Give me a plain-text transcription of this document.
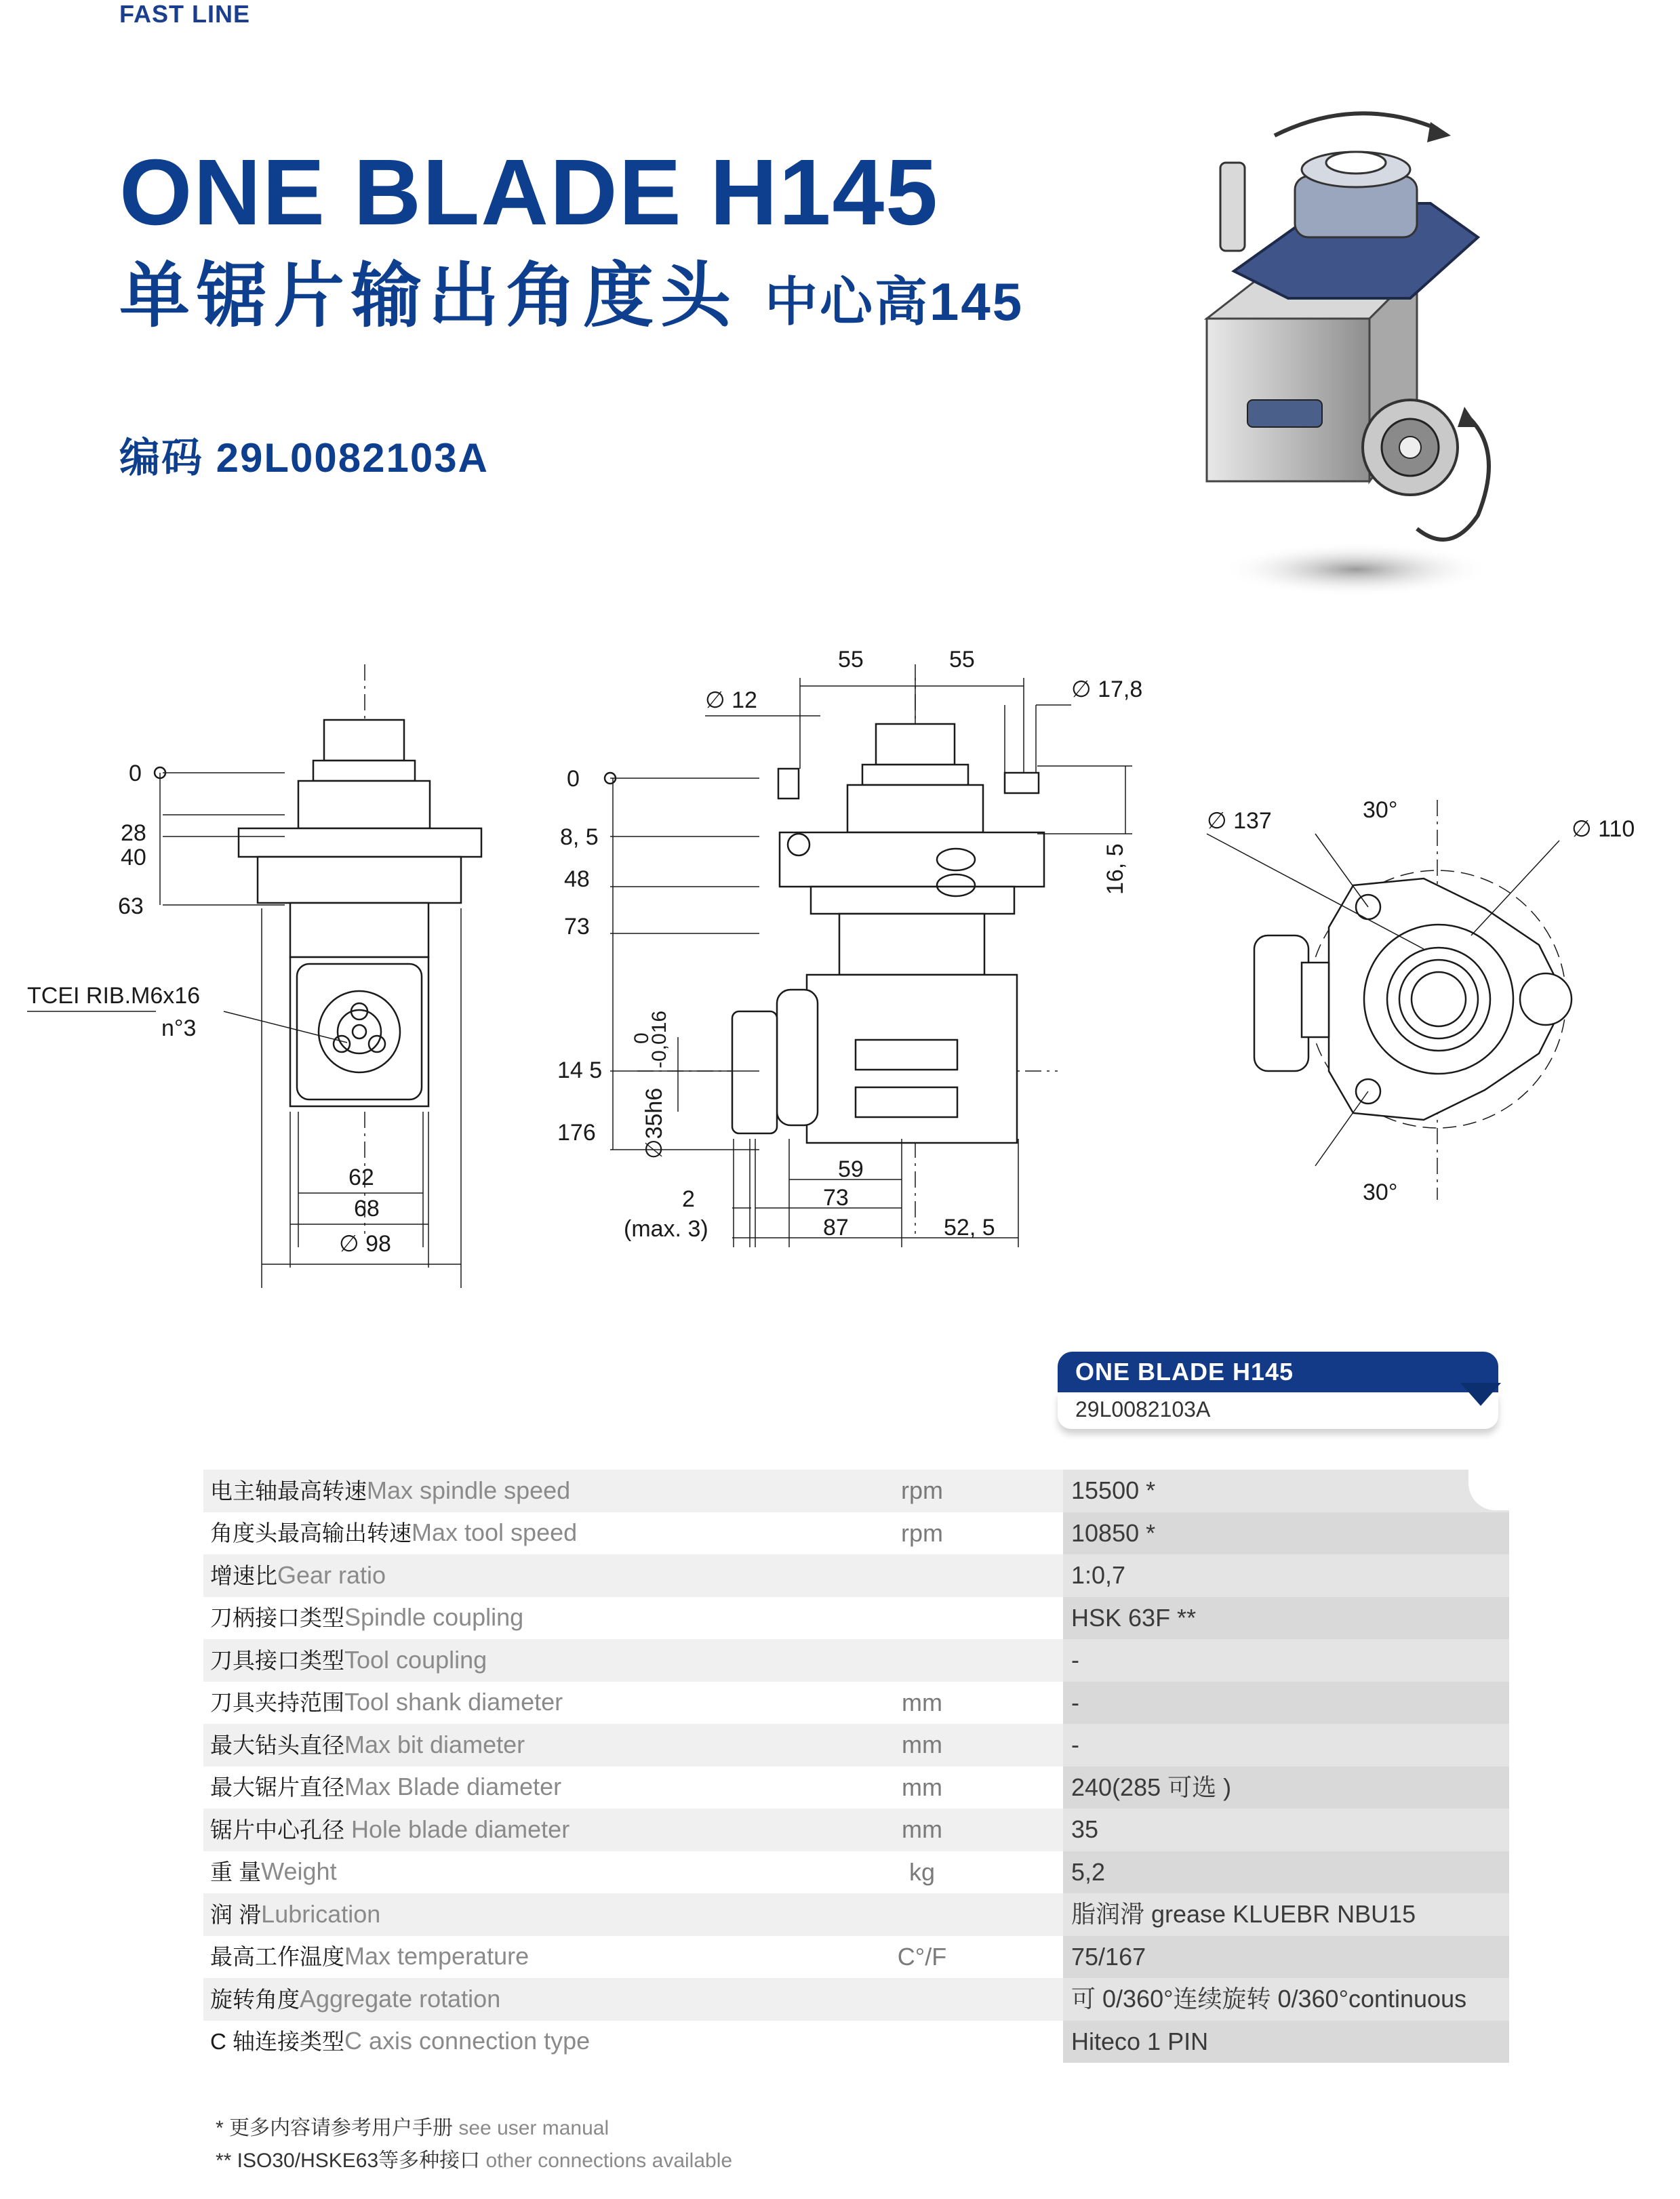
FAST LINE
ONE BLADE H145
单锯片输出角度头 中心高145
编码 29L0082103A
0
28
40
63
TCEI RIB.M6x16
n°3
62
68
∅ 98
0
8, 5
48
73
14 5
176
55	55
∅ 12	∅ 17,8
16, 5
∅35h6
0
-0,016
2
(max. 3)
59
73
87	52, 5
∅ 137	∅ 110
30°
30°
ONE BLADE H145
29L0082103A
电主轴最高转速Max spindle speed	rpm	15500 *
角度头最高输出转速Max tool speed	rpm	10850 *
增速比Gear ratio	1:0,7
刀柄接口类型Spindle coupling	HSK 63F **
刀具接口类型Tool coupling	-
刀具夹持范围Tool shank diameter	mm	-
最大钻头直径Max bit diameter	mm	-
最大锯片直径Max Blade diameter	mm	240(285 可选 )
锯片中心孔径 Hole blade diameter	mm	35
重 量Weight	kg	5,2
润 滑Lubrication	脂润滑 grease KLUEBR NBU15
最高工作温度Max temperature	C°/F	75/167
旋转角度Aggregate rotation	可 0/360°连续旋转 0/360°continuous
C 轴连接类型C axis connection type	Hiteco 1 PIN
* 更多内容请参考用户手册 see user manual
** ISO30/HSKE63等多种接口 other connections available
